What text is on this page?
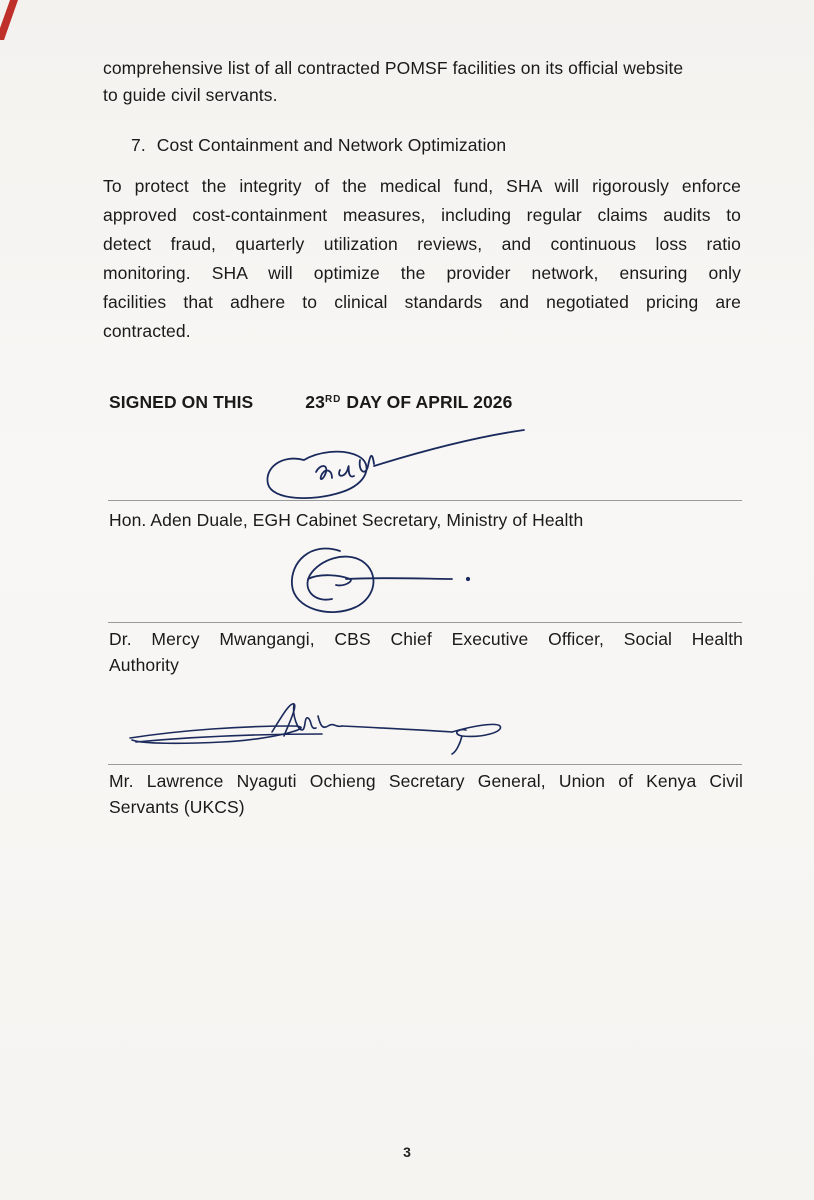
comprehensive list of all contracted POMSF facilities on its official website
to guide civil servants.
7. Cost Containment and Network Optimization
To protect the integrity of the medical fund, SHA will rigorously enforce
approved cost-containment measures, including regular claims audits to
detect fraud, quarterly utilization reviews, and continuous loss ratio
monitoring. SHA will optimize the provider network, ensuring only
facilities that adhere to clinical standards and negotiated pricing are
contracted.
SIGNED ON THIS	23RD DAY OF APRIL 2026
Hon. Aden Duale, EGH Cabinet Secretary, Ministry of Health
Dr. Mercy Mwangangi, CBS Chief Executive Officer, Social Health
Authority
Mr. Lawrence Nyaguti Ochieng Secretary General, Union of Kenya Civil
Servants (UKCS)
3
